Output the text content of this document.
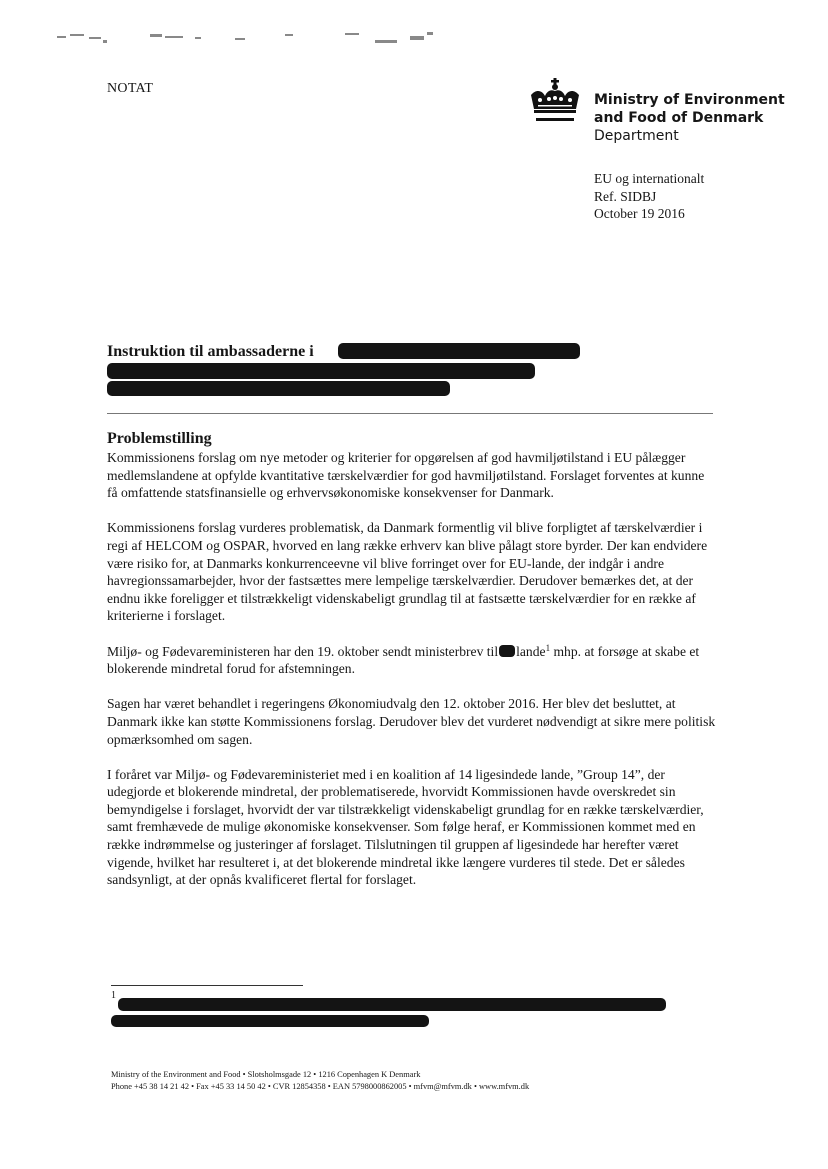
NOTAT
Ministry of Environment
and Food of Denmark
Department
EU og internationalt
Ref. SIDBJ
October 19 2016
Instruktion til ambassaderne i
Problemstilling

Kommissionens forslag om nye metoder og kriterier for opgørelsen af god havmiljøtilstand i EU pålægger medlemslandene at opfylde kvantitative tærskelværdier for god havmiljøtilstand. Forslaget forventes at kunne få omfattende statsfinansielle og erhvervsøkonomiske konsekvenser for Danmark.

Kommissionens forslag vurderes problematisk, da Danmark formentlig vil blive forpligtet af tærskelværdier i regi af HELCOM og OSPAR, hvorved en lang række erhverv kan blive pålagt store byrder. Der kan endvidere være risiko for, at Danmarks konkurrenceevne vil blive forringet over for EU-lande, der indgår i andre havregionssamarbejder, hvor der fastsættes mere lempelige tærskelværdier. Derudover bemærkes det, at der endnu ikke foreligger et tilstrækkeligt videnskabeligt grundlag til at fastsætte tærskelværdier for en række af kriterierne i forslaget.

Miljø- og Fødevareministeren har den 19. oktober sendt ministerbrev til lande$^1$ mhp. at forsøge at skabe et blokerende mindretal forud for afstemningen.

Sagen har været behandlet i regeringens Økonomiudvalg den 12. oktober 2016. Her blev det besluttet, at Danmark ikke kan støtte Kommissionens forslag. Derudover blev det vurderet nødvendigt at sikre mere politisk opmærksomhed om sagen.

I foråret var Miljø- og Fødevareministeriet med i en koalition af 14 ligesindede lande, ”Group 14”, der udegjorde et blokerende mindretal, der problematiserede, hvorvidt Kommissionen havde overskredet sin bemyndigelse i forslaget, hvorvidt der var tilstrækkeligt videnskabeligt grundlag for en række tærskelværdier, samt fremhævede de mulige økonomiske konsekvenser. Som følge heraf, er Kommissionen kommet med en række indrømmelse og justeringer af forslaget. Tilslutningen til gruppen af ligesindede har herefter været vigende, hvilket har resulteret i, at det blokerende mindretal ikke længere vurderes til stede. Det er således sandsynligt, at der opnås kvalificeret flertal for forslaget.

1
Ministry of the Environment and Food • Slotsholmsgade 12 • 1216 Copenhagen K Denmark
Phone +45 38 14 21 42 • Fax +45 33 14 50 42 • CVR 12854358 • EAN 5798000862005 • mfvm@mfvm.dk • www.mfvm.dk
